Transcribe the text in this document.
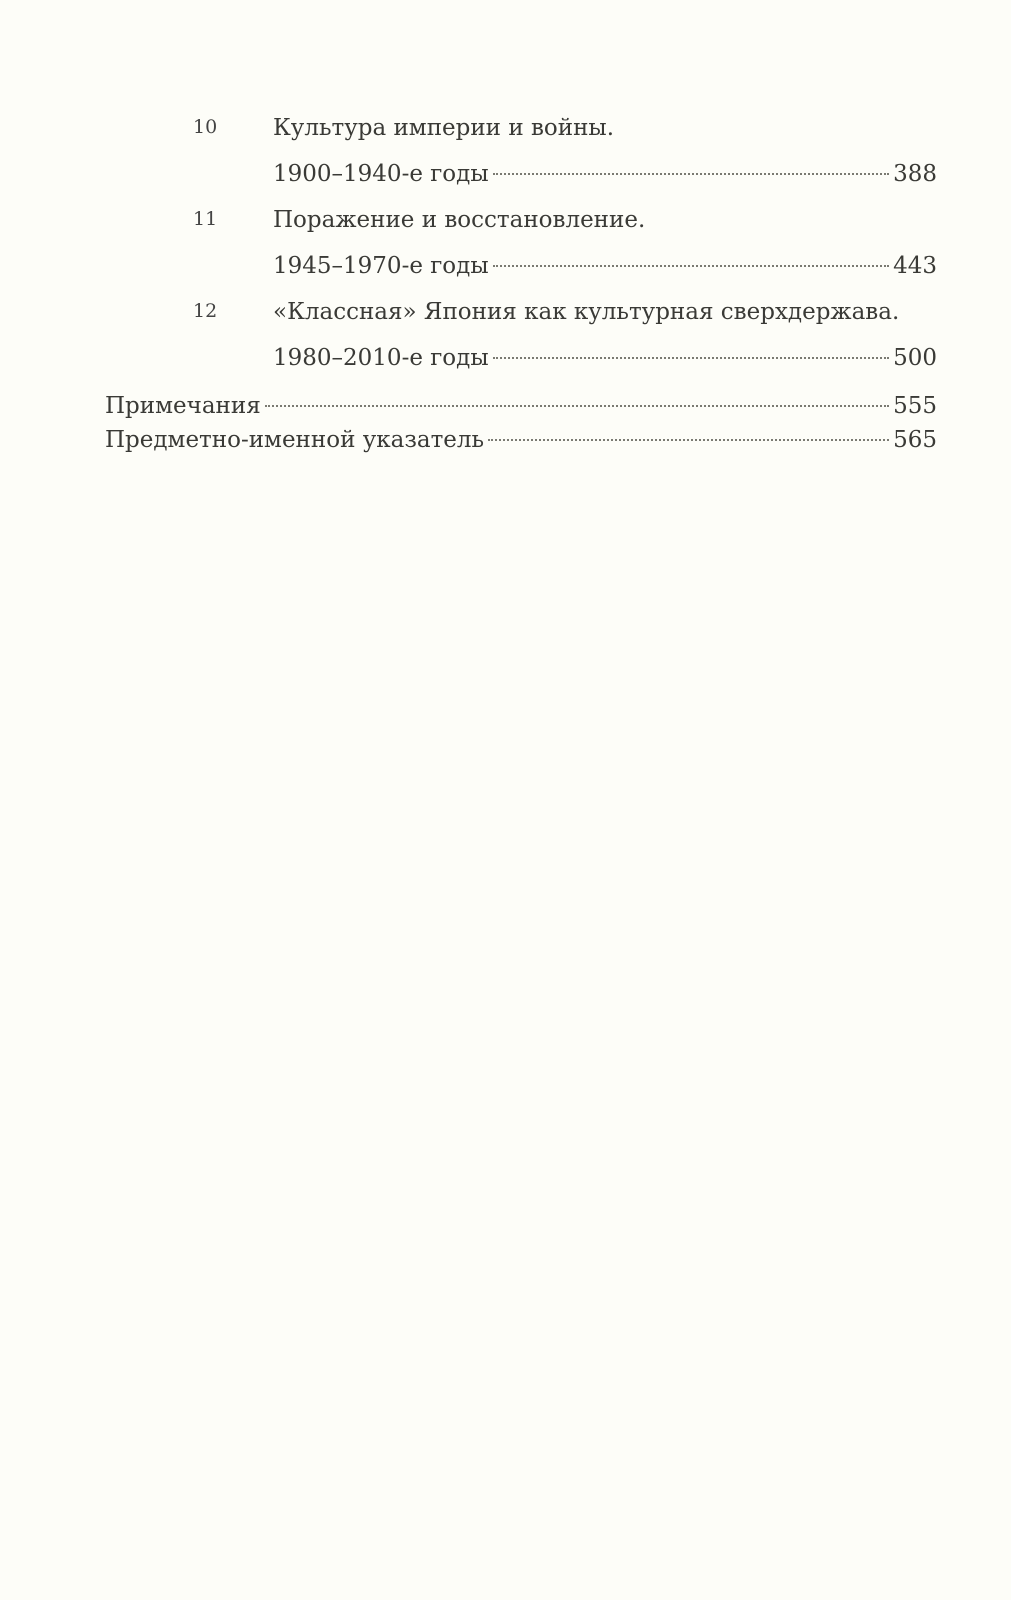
10 Культура империи и войны.
1900–1940-е годы	388
11 Поражение и восстановление.
1945–1970-е годы	443
12 «Классная» Япония как культурная сверхдержава.
1980–2010-е годы	500
Примечания	555
Предметно-именной указатель	565
